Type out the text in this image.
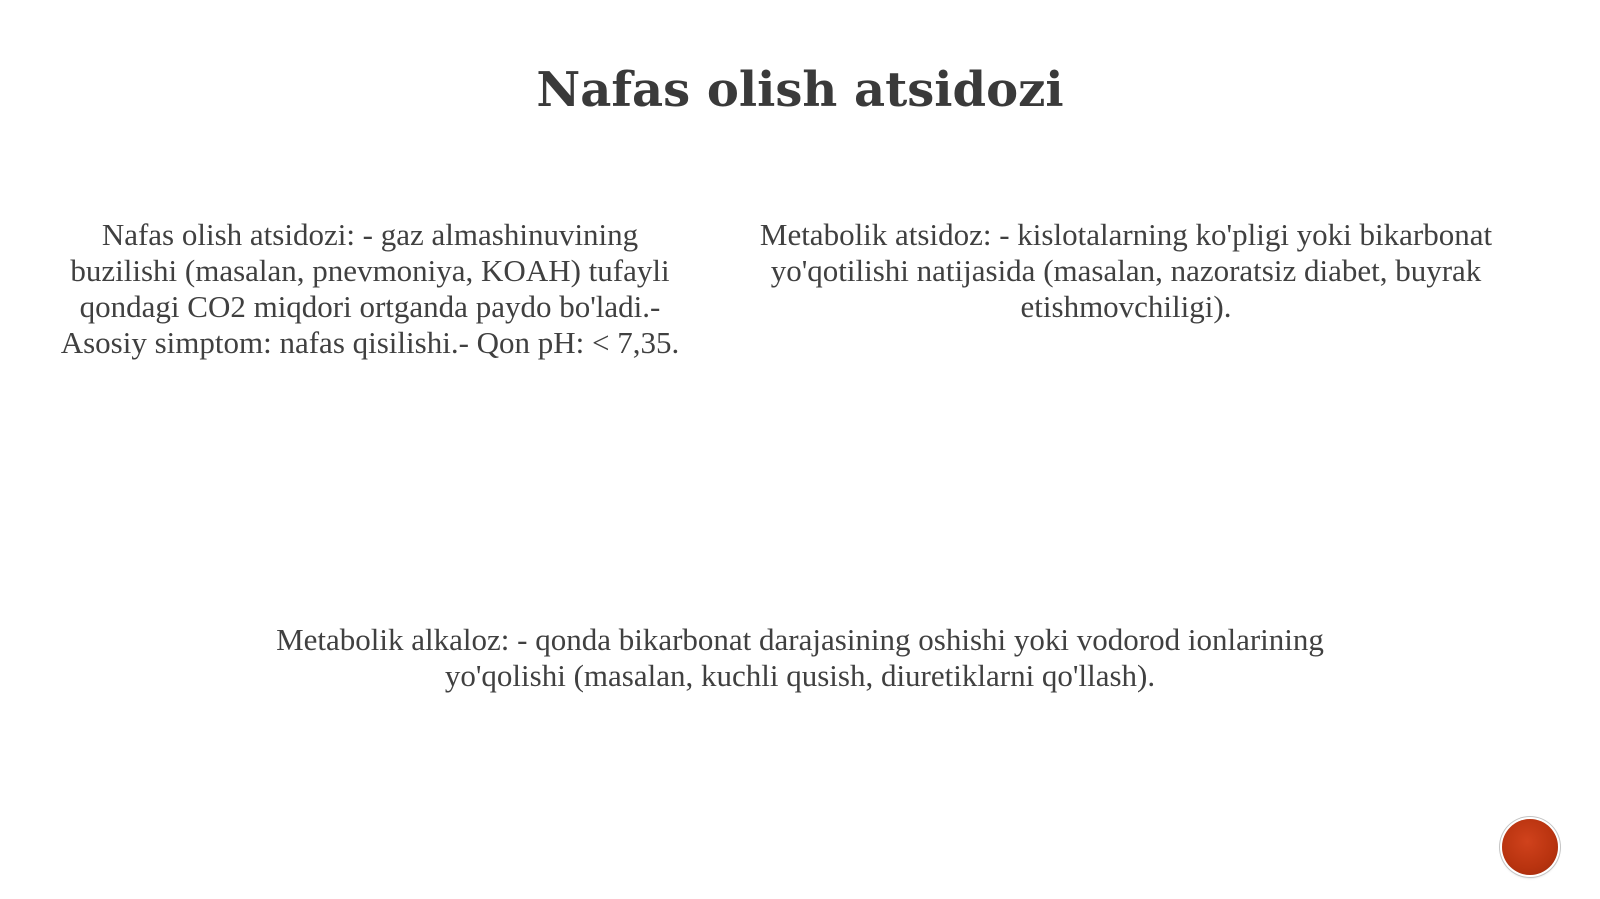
Nafas olish atsidozi

Nafas olish atsidozi: - gaz almashinuvining buzilishi (masalan, pnevmoniya, KOAH) tufayli qondagi CO2 miqdori ortganda paydo bo'ladi.- Asosiy simptom: nafas qisilishi.- Qon pH: < 7,35.

Metabolik atsidoz: - kislotalarning ko'pligi yoki bikarbonat yo'qotilishi natijasida (masalan, nazoratsiz diabet, buyrak etishmovchiligi).

Metabolik alkaloz: - qonda bikarbonat darajasining oshishi yoki vodorod ionlarining yo'qolishi (masalan, kuchli qusish, diuretiklarni qo'llash).
